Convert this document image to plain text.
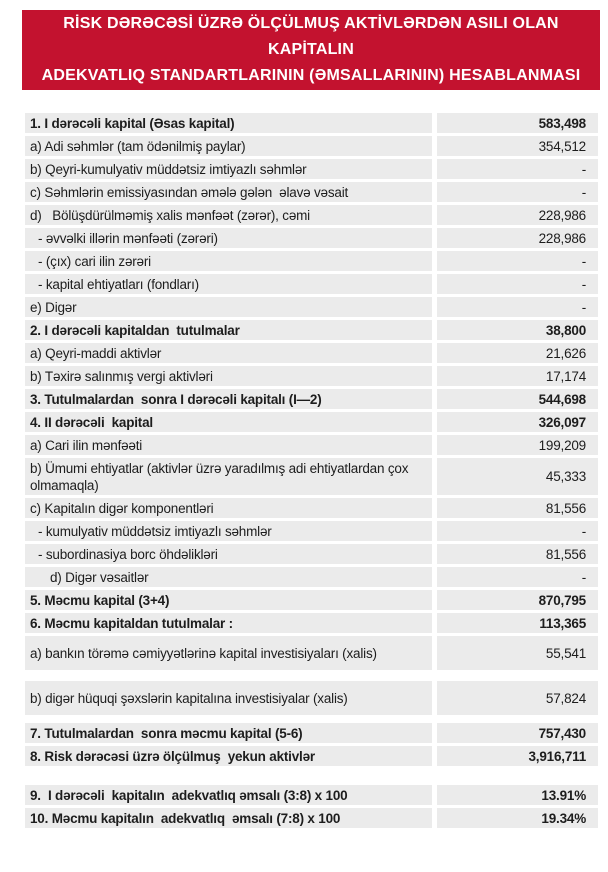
RİSK DƏRƏCƏSİ ÜZRƏ ÖLÇÜLMUŞ AKTİVLƏRDƏN ASILI OLAN KAPİTALIN
ADEKVATLIQ STANDARTLARININ (ƏMSALLARININ) HESABLANMASI
1. I dərəcəli kapital (Əsas kapital)	583,498
a) Adi səhmlər (tam ödənilmiş paylar)	354,512
b) Qeyri-kumulyativ müddətsiz imtiyazlı səhmlər	-
c) Səhmlərin emissiyasından əmələ gələn  əlavə vəsait	-
d)   Bölüşdürülməmiş xalis mənfəət (zərər), cəmi	228,986
- əvvəlki illərin mənfəəti (zərəri)	228,986
- (çıx) cari ilin zərəri	-
- kapital ehtiyatları (fondları)	-
e) Digər	-
2. I dərəcəli kapitaldan  tutulmalar	38,800
a) Qeyri-maddi aktivlər	21,626
b) Təxirə salınmış vergi aktivləri	17,174
3. Tutulmalardan  sonra I dərəcəli kapitalı (I—2)	544,698
4. II dərəcəli  kapital	326,097
a) Cari ilin mənfəəti	199,209
b) Ümumi ehtiyatlar (aktivlər üzrə yaradılmış adi ehtiyatlardan çox olmamaqla)
45,333
c) Kapitalın digər komponentləri	81,556
- kumulyativ müddətsiz imtiyazlı səhmlər	-
- subordinasiya borc öhdəlikləri	81,556
d) Digər vəsaitlər	-
5. Məcmu kapital (3+4)	870,795
6. Məcmu kapitaldan tutulmalar :	113,365
a) bankın törəmə cəmiyyətlərinə kapital investisiyaları (xalis)	55,541
b) digər hüquqi şəxslərin kapitalına investisiyalar (xalis)	57,824
7. Tutulmalardan  sonra məcmu kapital (5-6)	757,430
8. Risk dərəcəsi üzrə ölçülmuş  yekun aktivlər	3,916,711
9.  I dərəcəli  kapitalın  adekvatlıq əmsalı (3:8) x 100	13.91%
10. Məcmu kapitalın  adekvatlıq  əmsalı (7:8) x 100	19.34%
